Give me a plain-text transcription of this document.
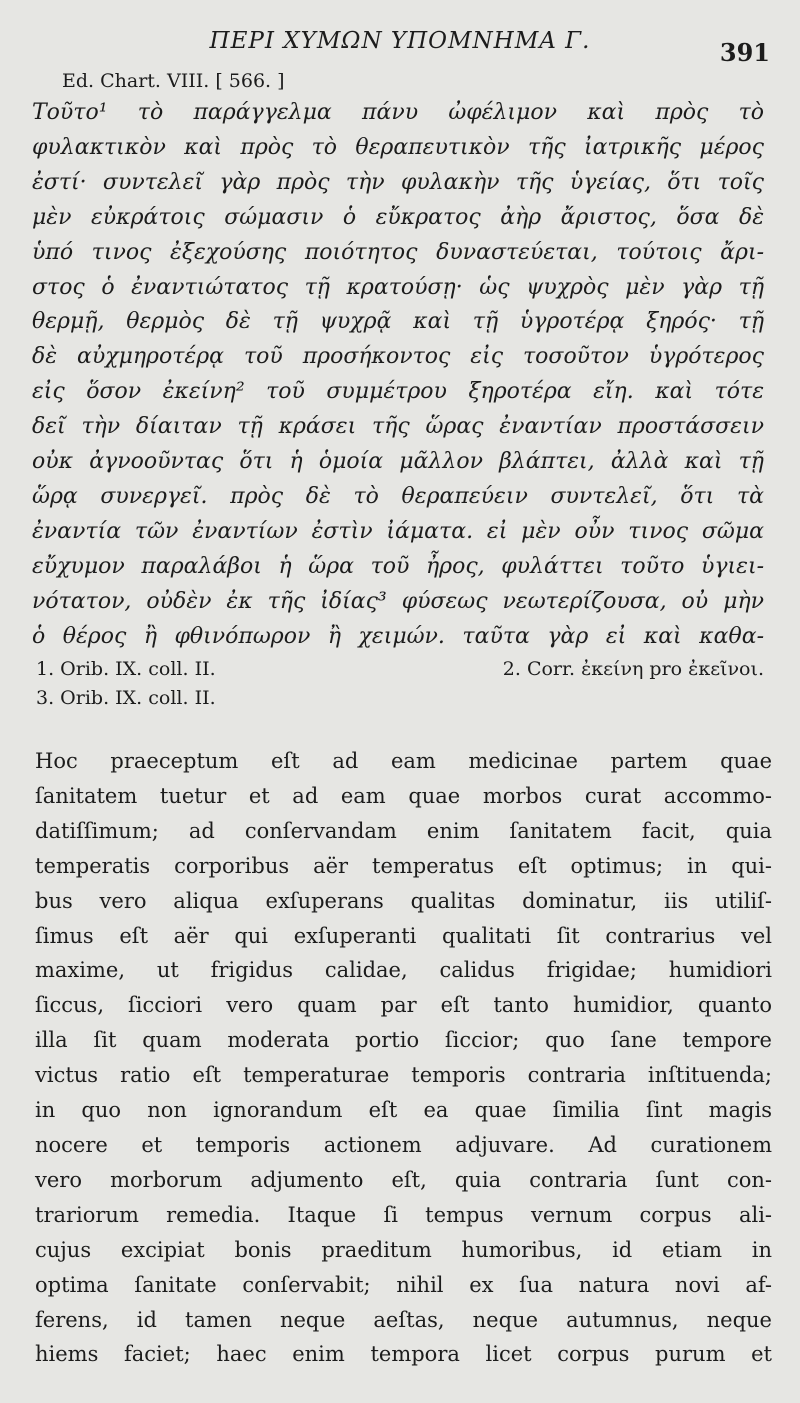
ΠΕΡΙ ΧΥΜΩΝ ΥΠΟΜΝΗΜΑ Γ.	391
Ed. Chart. VIII. [ 566. ]
Τοῦτο¹ τὸ παράγγελμα πάνυ ὠφέλιμον καὶ πρὸς τὸ
φυλακτικὸν καὶ πρὸς τὸ θεραπευτικὸν τῆς ἰατρικῆς μέρος
ἐστί· συντελεῖ γὰρ πρὸς τὴν φυλακὴν τῆς ὑγείας, ὅτι τοῖς
μὲν εὐκράτοις σώμασιν ὁ εὔκρατος ἀὴρ ἄριστος, ὅσα δὲ
ὑπό τινος ἐξεχούσης ποιότητος δυναστεύεται, τούτοις ἄρι-
στος ὁ ἐναντιώτατος τῇ κρατούσῃ· ὡς ψυχρὸς μὲν γὰρ τῇ
θερμῇ, θερμὸς δὲ τῇ ψυχρᾷ καὶ τῇ ὑγροτέρᾳ ξηρός· τῇ
δὲ αὐχμηροτέρᾳ τοῦ προσήκοντος εἰς τοσοῦτον ὑγρότερος
εἰς ὅσον ἐκείνη² τοῦ συμμέτρου ξηροτέρα εἴη. καὶ τότε
δεῖ τὴν δίαιταν τῇ κράσει τῆς ὥρας ἐναντίαν προστάσσειν
οὐκ ἀγνοοῦντας ὅτι ἡ ὁμοία μᾶλλον βλάπτει, ἀλλὰ καὶ τῇ
ὥρᾳ συνεργεῖ. πρὸς δὲ τὸ θεραπεύειν συντελεῖ, ὅτι τὰ
ἐναντία τῶν ἐναντίων ἐστὶν ἰάματα. εἰ μὲν οὖν τινος σῶμα
εὔχυμον παραλάβοι ἡ ὥρα τοῦ ἦρος, φυλάττει τοῦτο ὑγιει-
νότατον, οὐδὲν ἐκ τῆς ἰδίας³ φύσεως νεωτερίζουσα, οὐ μὴν
ὁ θέρος ἢ φθινόπωρον ἢ χειμών. ταῦτα γὰρ εἰ καὶ καθα-
1. Orib. IX. coll. II.	2. Corr. ἐκείνη pro ἐκεῖνοι.
3. Orib. IX. coll. II.
Hoc praeceptum eſt ad eam medicinae partem quae
ſanitatem tuetur et ad eam quae morbos curat accommo-
datiſſimum; ad conſervandam enim ſanitatem facit, quia
temperatis corporibus aër temperatus eſt optimus; in qui-
bus vero aliqua exſuperans qualitas dominatur, iis utiliſ-
ſimus eſt aër qui exſuperanti qualitati ſit contrarius vel
maxime, ut frigidus calidae, calidus frigidae; humidiori
ſiccus, ſicciori vero quam par eſt tanto humidior, quanto
illa ſit quam moderata portio ſiccior; quo ſane tempore
victus ratio eſt temperaturae temporis contraria inſtituenda;
in quo non ignorandum eſt ea quae ſimilia ſint magis
nocere et temporis actionem adjuvare. Ad curationem
vero morborum adjumento eſt, quia contraria ſunt con-
trariorum remedia. Itaque ſi tempus vernum corpus ali-
cujus excipiat bonis praeditum humoribus, id etiam in
optima ſanitate conſervabit; nihil ex ſua natura novi af-
ferens, id tamen neque aeſtas, neque autumnus, neque
hiems faciet; haec enim tempora licet corpus purum et
